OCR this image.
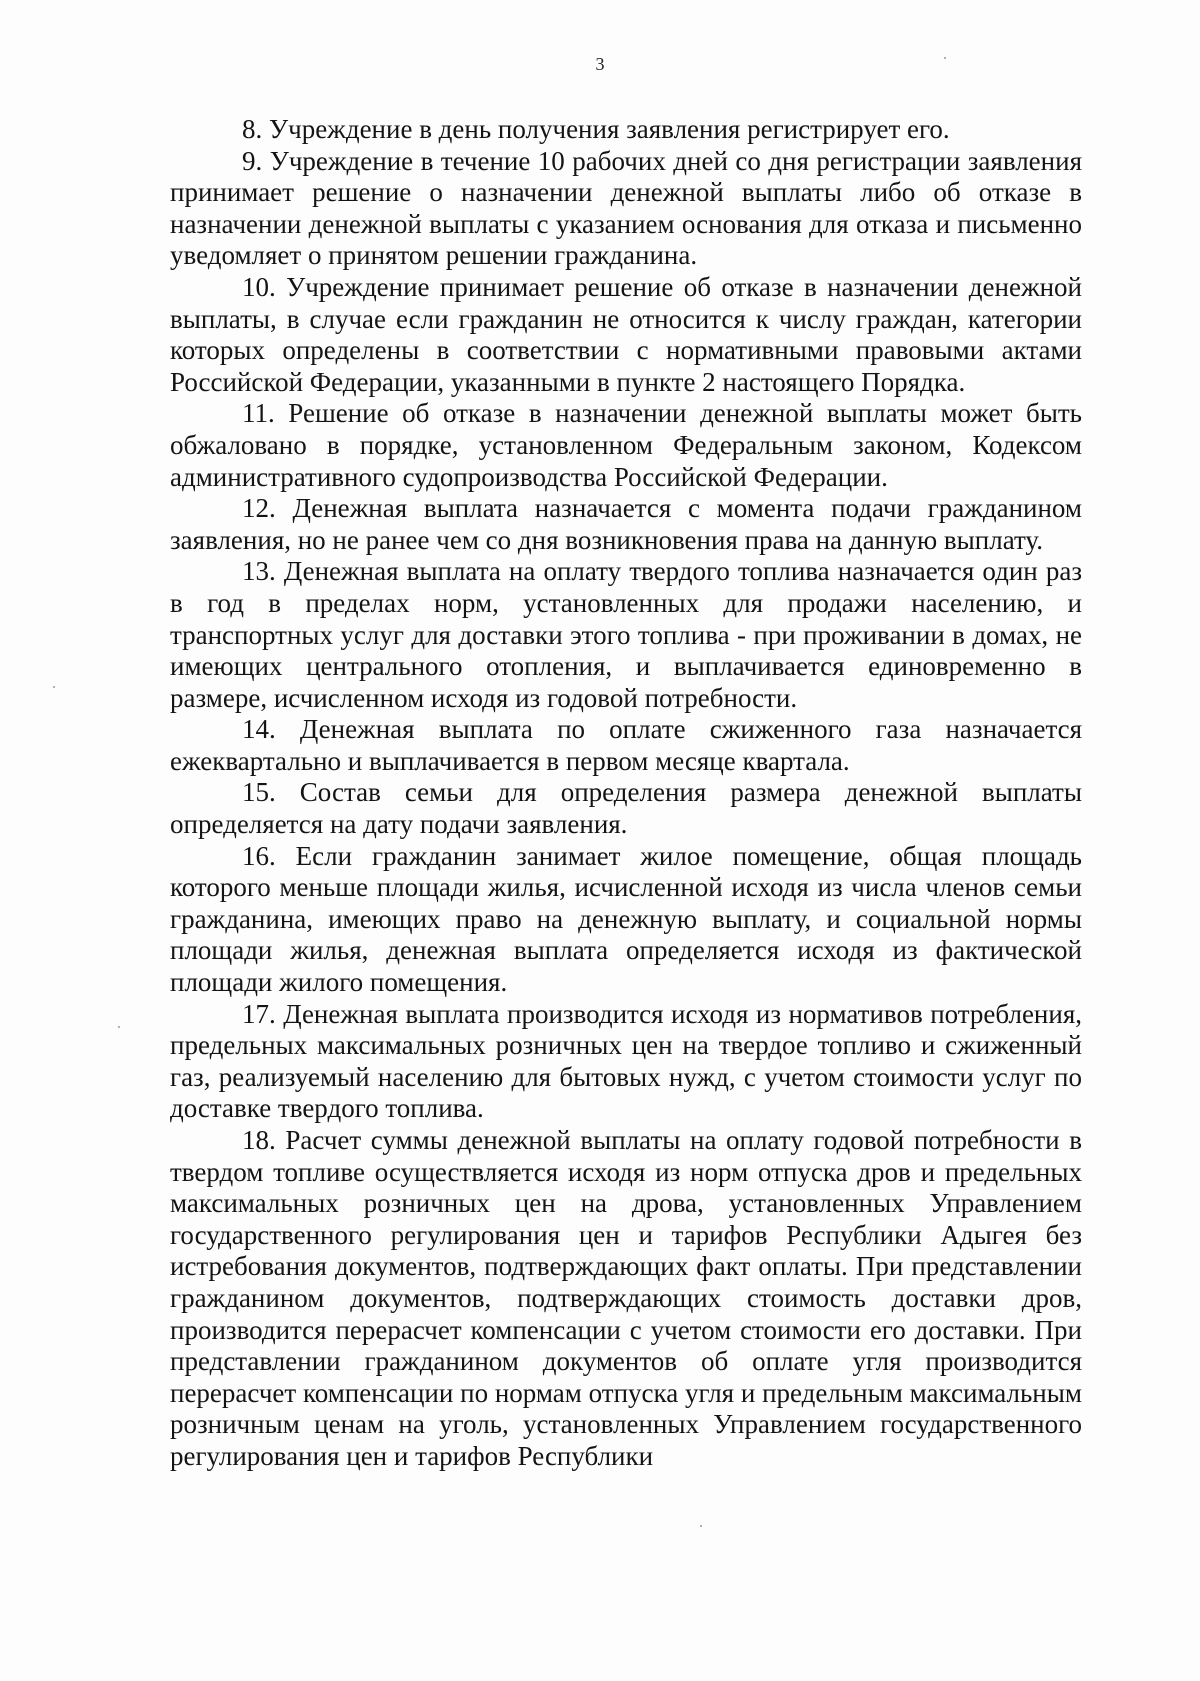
3

8. Учреждение в день получения заявления регистрирует его.

9. Учреждение в течение 10 рабочих дней со дня регистрации заявления принимает решение о назначении денежной выплаты либо об отказе в назначении денежной выплаты с указанием основания для отказа и письменно уведомляет о принятом решении гражданина.

10. Учреждение принимает решение об отказе в назначении денежной выплаты, в случае если гражданин не относится к числу граждан, категории которых определены в соответствии с нормативными правовыми актами Российской Федерации, указанными в пункте 2 настоящего Порядка.

11. Решение об отказе в назначении денежной выплаты может быть обжаловано в порядке, установленном Федеральным законом, Кодексом административного судопроизводства Российской Федерации.

12. Денежная выплата назначается с момента подачи гражданином заявления, но не ранее чем со дня возникновения права на данную выплату.

13. Денежная выплата на оплату твердого топлива назначается один раз в год в пределах норм, установленных для продажи населению, и транспортных услуг для доставки этого топлива - при проживании в домах, не имеющих центрального отопления, и выплачивается единовременно в размере, исчисленном исходя из годовой потребности.

14. Денежная выплата по оплате сжиженного газа назначается ежеквартально и выплачивается в первом месяце квартала.

15. Состав семьи для определения размера денежной выплаты определяется на дату подачи заявления.

16. Если гражданин занимает жилое помещение, общая площадь которого меньше площади жилья, исчисленной исходя из числа членов семьи гражданина, имеющих право на денежную выплату, и социальной нормы площади жилья, денежная выплата определяется исходя из фактической площади жилого помещения.

17. Денежная выплата производится исходя из нормативов потребления, предельных максимальных розничных цен на твердое топливо и сжиженный газ, реализуемый населению для бытовых нужд, с учетом стоимости услуг по доставке твердого топлива.

18. Расчет суммы денежной выплаты на оплату годовой потребности в твердом топливе осуществляется исходя из норм отпуска дров и предельных максимальных розничных цен на дрова, установленных Управлением государственного регулирования цен и тарифов Республики Адыгея без истребования документов, подтверждающих факт оплаты. При представлении гражданином документов, подтверждающих стоимость доставки дров, производится перерасчет компенсации с учетом стоимости его доставки. При представлении гражданином документов об оплате угля производится перерасчет компенсации по нормам отпуска угля и предельным максимальным розничным ценам на уголь, установленных Управлением государственного регулирования цен и тарифов Республики
